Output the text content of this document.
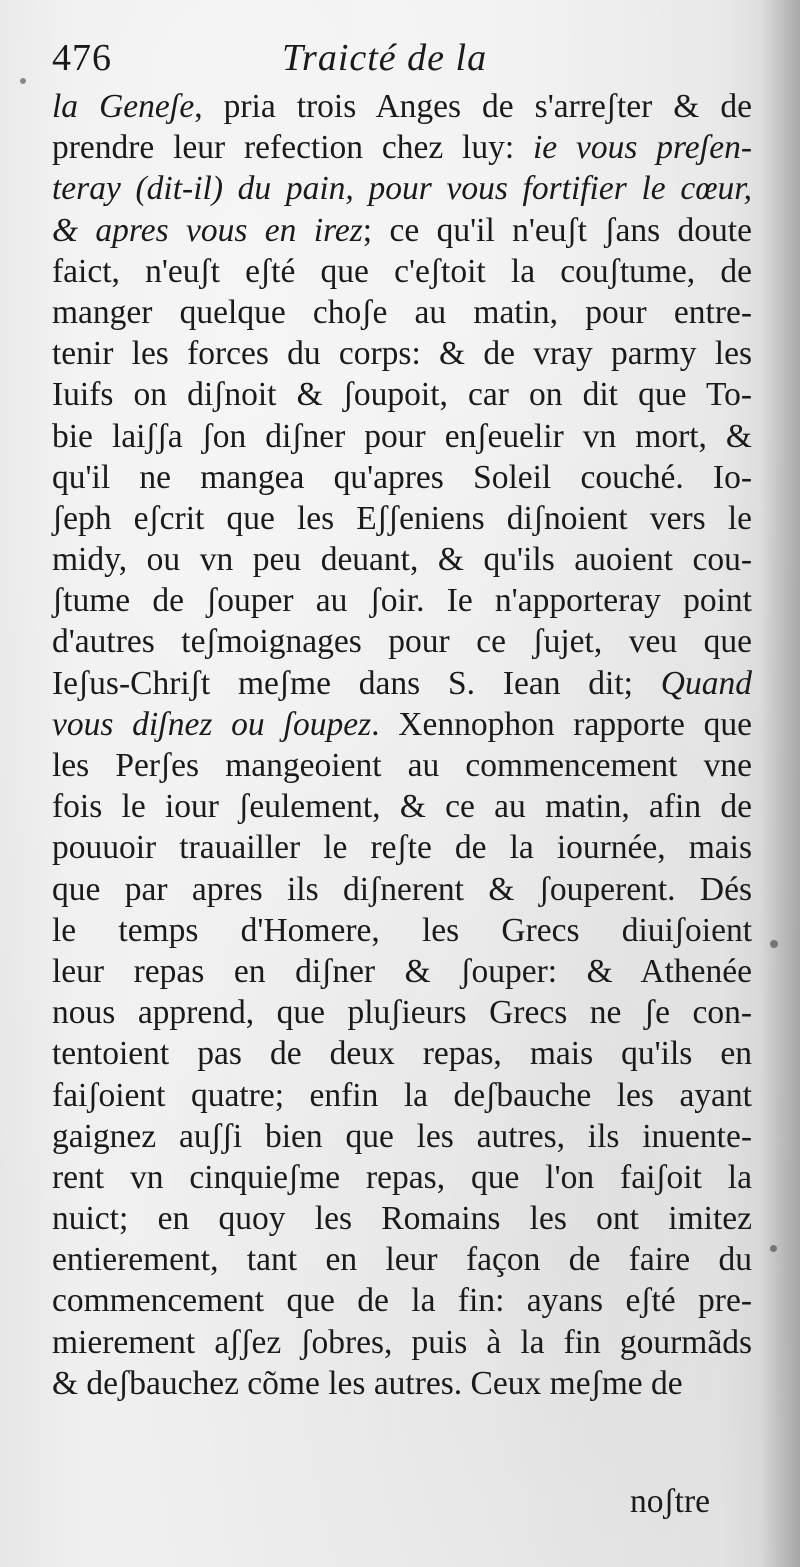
476	Traicté de la
la Geneʃe, pria trois Anges de s'arreʃter & de
prendre leur refection chez luy: ie vous preʃen-
teray (dit-il) du pain, pour vous fortifier le cœur,
& apres vous en irez; ce qu'il n'euʃt ʃans doute
faict, n'euʃt eʃté que c'eʃtoit la couʃtume, de
manger quelque choʃe au matin, pour entre-
tenir les forces du corps: & de vray parmy les
Iuifs on diʃnoit & ʃoupoit, car on dit que To-
bie laiʃʃa ʃon diʃner pour enʃeuelir vn mort, &
qu'il ne mangea qu'apres Soleil couché. Io-
ʃeph eʃcrit que les Eʃʃeniens diʃnoient vers le
midy, ou vn peu deuant, & qu'ils auoient cou-
ʃtume de ʃouper au ʃoir. Ie n'apporteray point
d'autres teʃmoignages pour ce ʃujet, veu que
Ieʃus-Chriʃt meʃme dans S. Iean dit; Quand
vous diʃnez ou ʃoupez. Xennophon rapporte que
les Perʃes mangeoient au commencement vne
fois le iour ʃeulement, & ce au matin, afin de
pouuoir trauailler le reʃte de la iournée, mais
que par apres ils diʃnerent & ʃouperent. Dés
le temps d'Homere, les Grecs diuiʃoient
leur repas en diʃner & ʃouper: & Athenée
nous apprend, que pluʃieurs Grecs ne ʃe con-
tentoient pas de deux repas, mais qu'ils en
faiʃoient quatre; enfin la deʃbauche les ayant
gaignez auʃʃi bien que les autres, ils inuente-
rent vn cinquieʃme repas, que l'on faiʃoit la
nuict; en quoy les Romains les ont imitez
entierement, tant en leur façon de faire du
commencement que de la fin: ayans eʃté pre-
mierement aʃʃez ʃobres, puis à la fin gourmãds
& deʃbauchez cõme les autres. Ceux meʃme de
noʃtre
